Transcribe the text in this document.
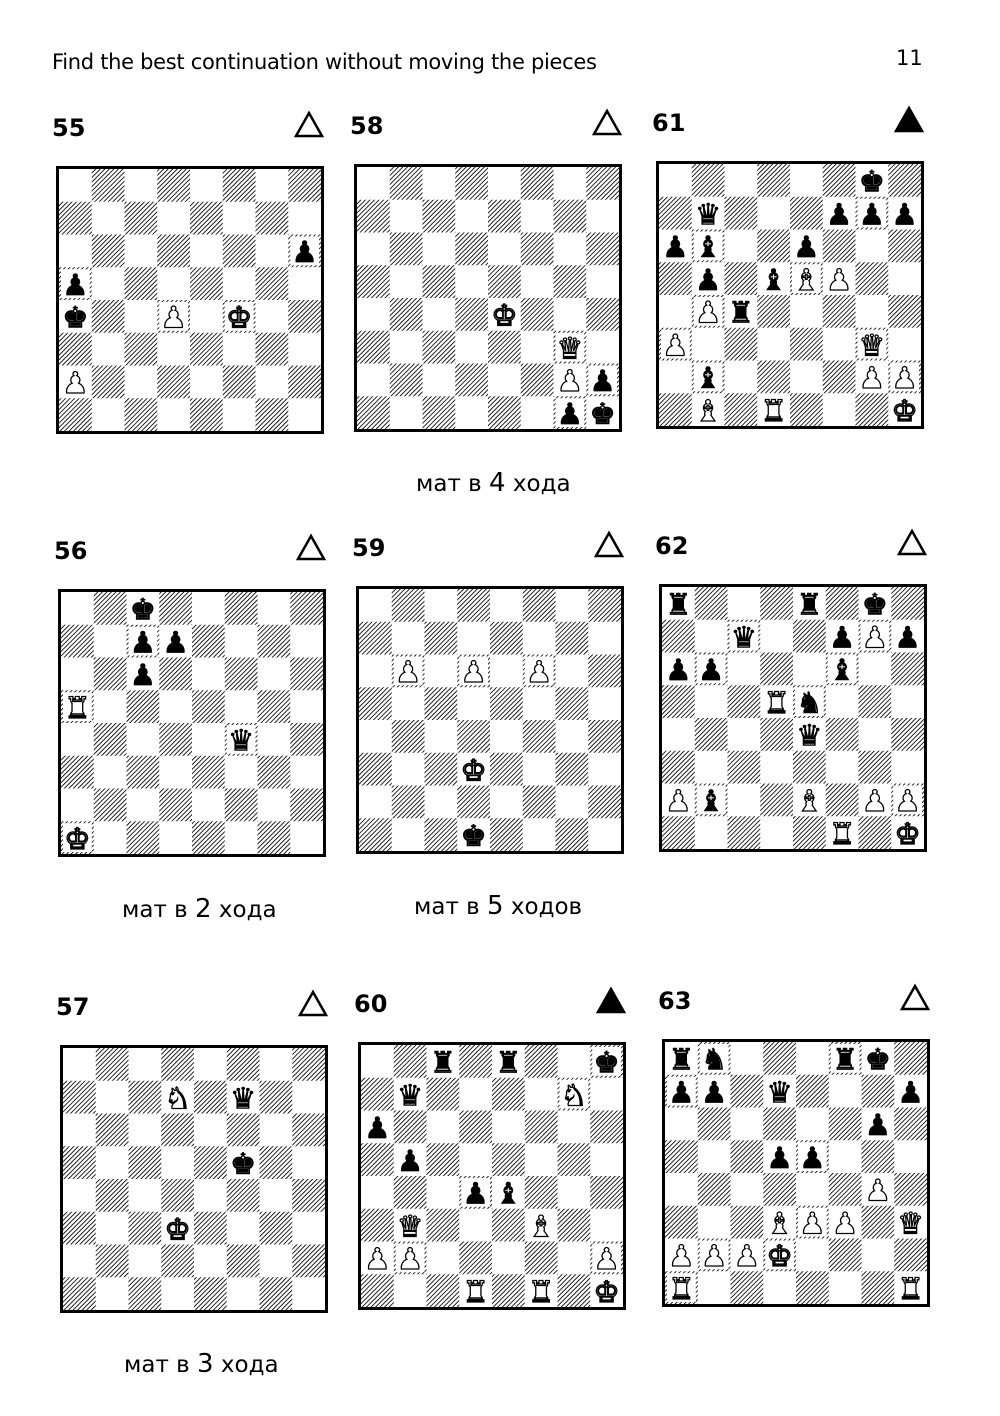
Find the best continuation without moving the pieces	11
55
♟
♟
♚ ♟ ♚
♟
58
♚
♛
♟ ♟
♟ ♚
61
♚
♛	♟ ♟ ♟
♟ ♝ ♟
♟ ♝ ♝ ♟
♟ ♜
♟	♛
♝	♟ ♟
♝ ♜	♚
мат в 4 хода
56
♚
♟ ♟
♟
♜
♛
♚
59
♟ ♟ ♟
♚
♚
62
♜	♜ ♚
♛ ♟ ♟ ♟
♟ ♟	♝
♜ ♞
♛
♟ ♝ ♝ ♟ ♟
♜ ♚
мат в 2 хода	мат в 5 ходов
57
♞ ♛
♚
♚
60
♜ ♜ ♚
♛	♞
♟
♟
♟ ♝
♛	♝
♟ ♟	♟
♜ ♜ ♚
63
♜ ♞	♜ ♚
♟ ♟ ♛	♟
♟
♟ ♟
♟
♝ ♟ ♟ ♛
♟ ♟ ♟ ♚
♜	♜
мат в 3 хода
